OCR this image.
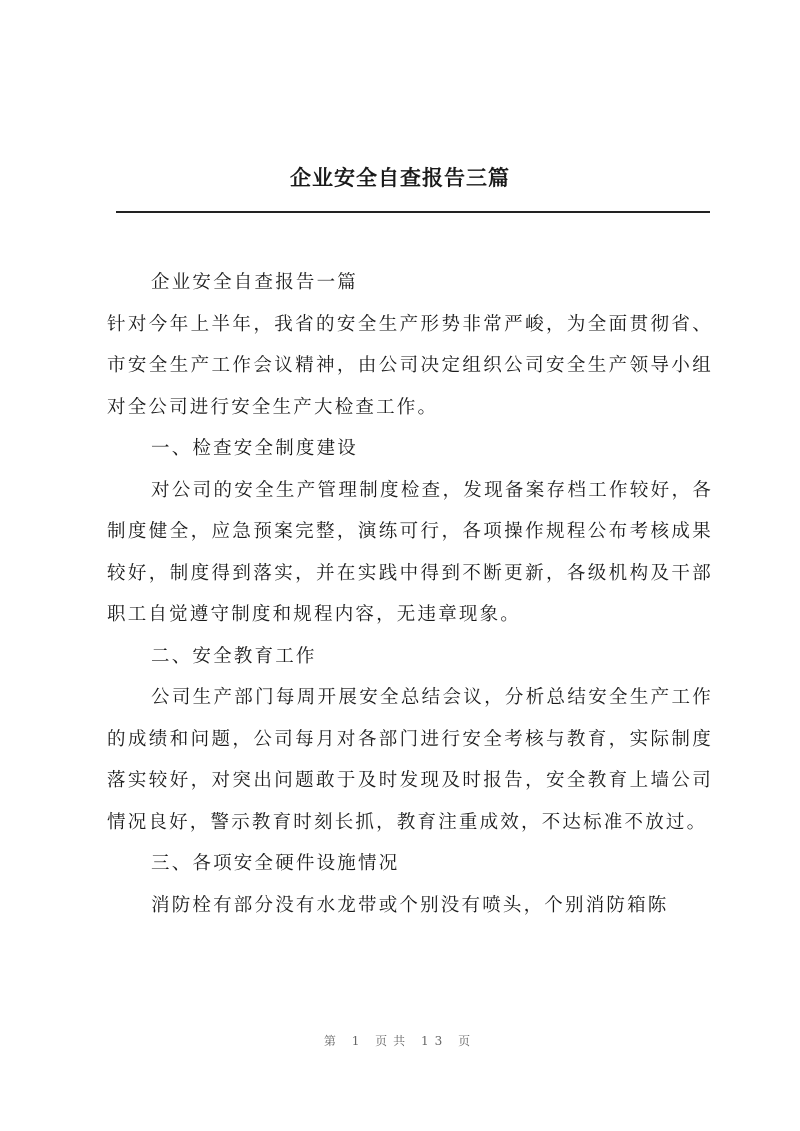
企业安全自查报告三篇

企业安全自查报告一篇

针对今年上半年，我省的安全生产形势非常严峻，为全面贯彻省、市安全生产工作会议精神，由公司决定组织公司安全生产领导小组对全公司进行安全生产大检查工作。

一、检查安全制度建设

对公司的安全生产管理制度检查，发现备案存档工作较好，各制度健全，应急预案完整，演练可行，各项操作规程公布考核成果较好，制度得到落实，并在实践中得到不断更新，各级机构及干部职工自觉遵守制度和规程内容，无违章现象。

二、安全教育工作

公司生产部门每周开展安全总结会议，分析总结安全生产工作的成绩和问题，公司每月对各部门进行安全考核与教育，实际制度落实较好，对突出问题敢于及时发现及时报告，安全教育上墙公司情况良好，警示教育时刻长抓，教育注重成效，不达标准不放过。

三、各项安全硬件设施情况

消防栓有部分没有水龙带或个别没有喷头，个别消防箱陈

第 1 页共 13 页
